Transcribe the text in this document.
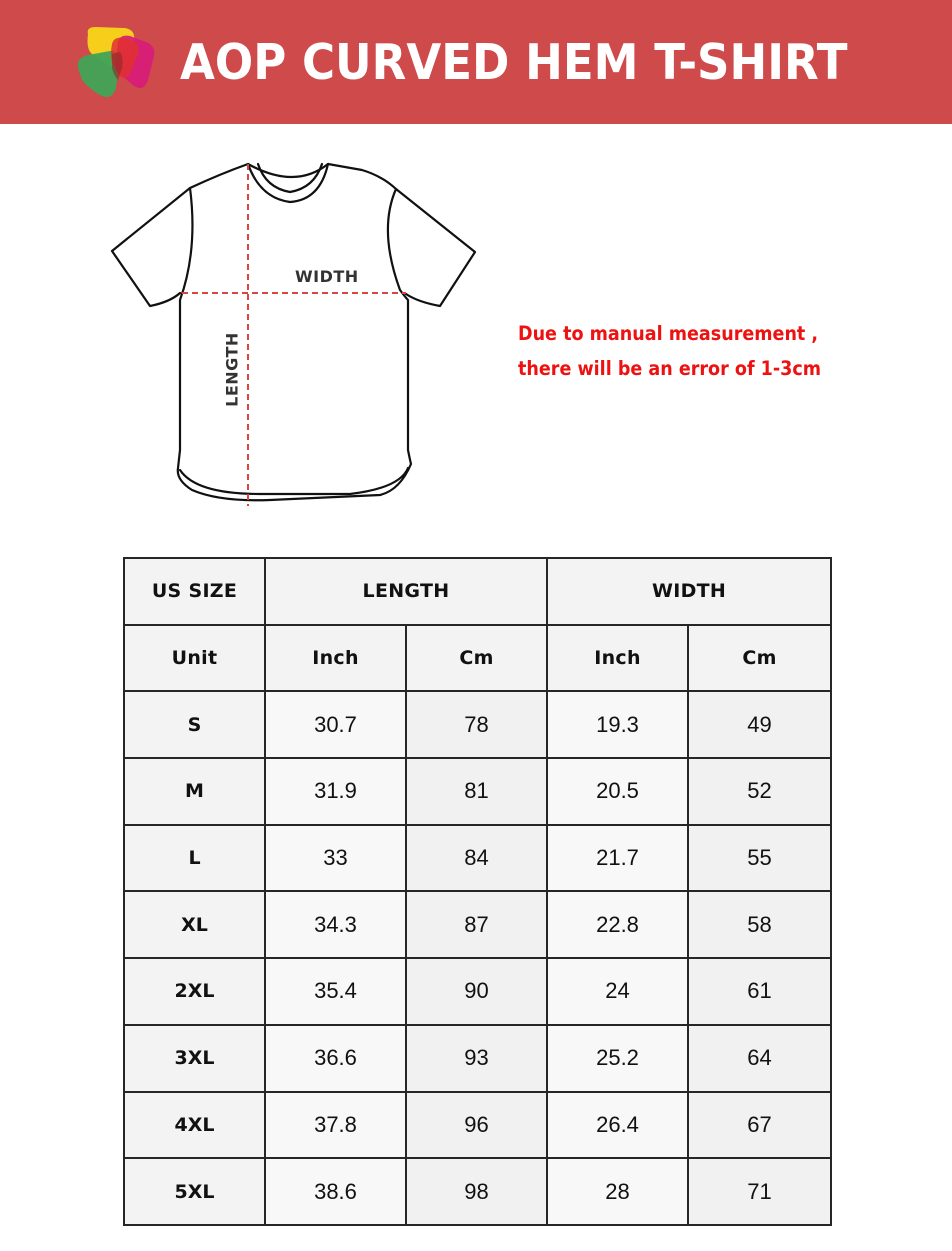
AOP CURVED HEM T-SHIRT
WIDTH
LENGTH	Due to manual measurement ,
there will be an error of 1-3cm
US SIZE	LENGTH		WIDTH	
Unit	Inch	Cm	Inch	Cm
S	30.7	78	19.3	49
M	31.9	81	20.5	52
L	33	84	21.7	55
XL	34.3	87	22.8	58
2XL	35.4	90	24	61
3XL	36.6	93	25.2	64
4XL	37.8	96	26.4	67
5XL	38.6	98	28	71
